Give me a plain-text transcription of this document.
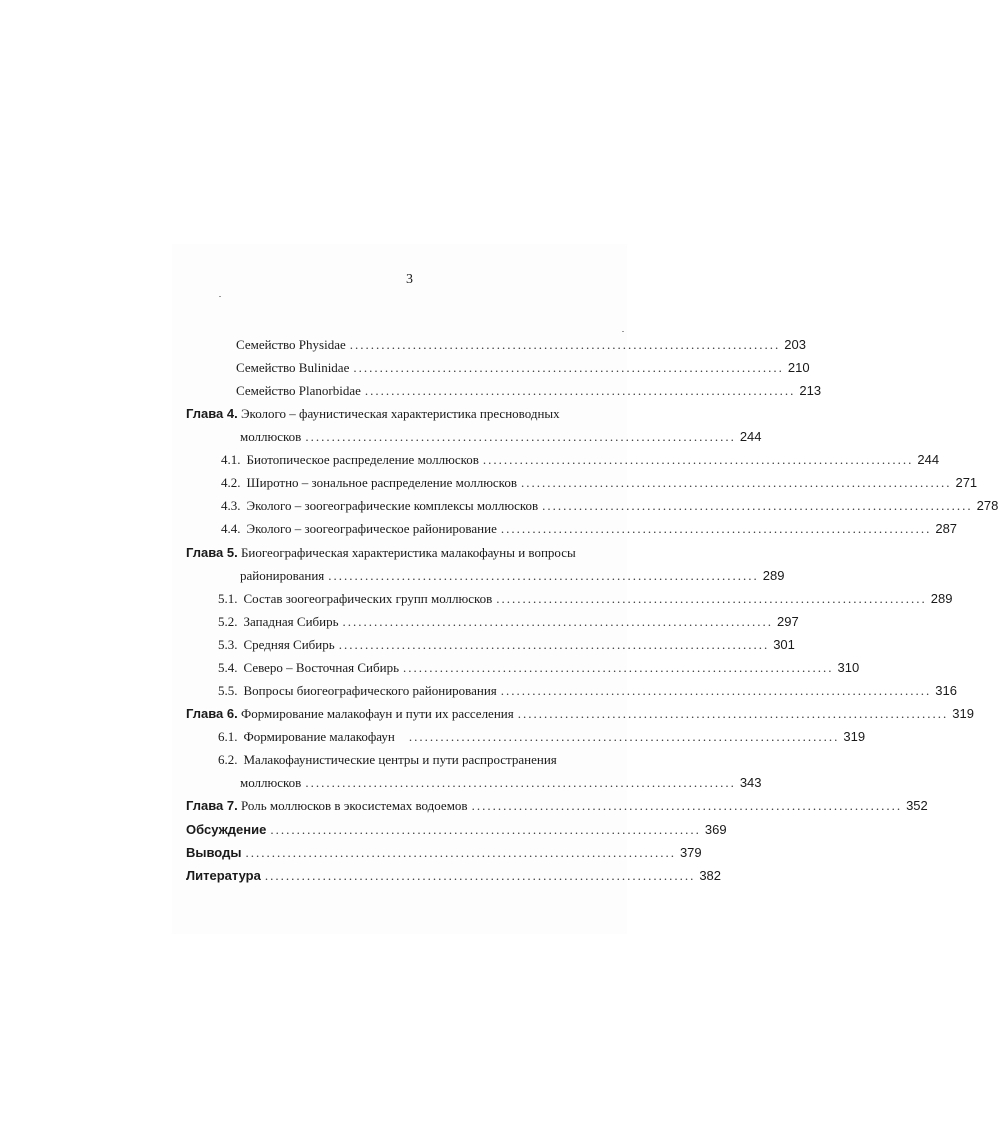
3
Семейство Physidae .................................................................................. 203
Семейство Bulinidae .................................................................................. 210
Семейство Planorbidae .................................................................................. 213
Глава 4. Эколого – фаунистическая характеристика пресноводных
моллюсков .................................................................................. 244
4.1. Биотопическое распределение моллюсков .................................................................................. 244
4.2. Широтно – зональное распределение моллюсков .................................................................................. 271
4.3. Эколого – зоогеографические комплексы моллюсков .................................................................................. 278
4.4. Эколого – зоогеографическое районирование .................................................................................. 287
Глава 5. Биогеографическая характеристика малакофауны и вопросы
районирования .................................................................................. 289
5.1. Состав зоогеографических групп моллюсков .................................................................................. 289
5.2. Западная Сибирь .................................................................................. 297
5.3. Средняя Сибирь .................................................................................. 301
5.4. Северо – Восточная Сибирь .................................................................................. 310
5.5. Вопросы биогеографического районирования .................................................................................. 316
Глава 6. Формирование малакофаун и пути их расселения .................................................................................. 319
6.1. Формирование малакофаун .................................................................................. 319
6.2. Малакофаунистические центры и пути распространения
моллюсков .................................................................................. 343
Глава 7. Роль моллюсков в экосистемах водоемов .................................................................................. 352
Обсуждение .................................................................................. 369
Выводы .................................................................................. 379
Литература .................................................................................. 382
